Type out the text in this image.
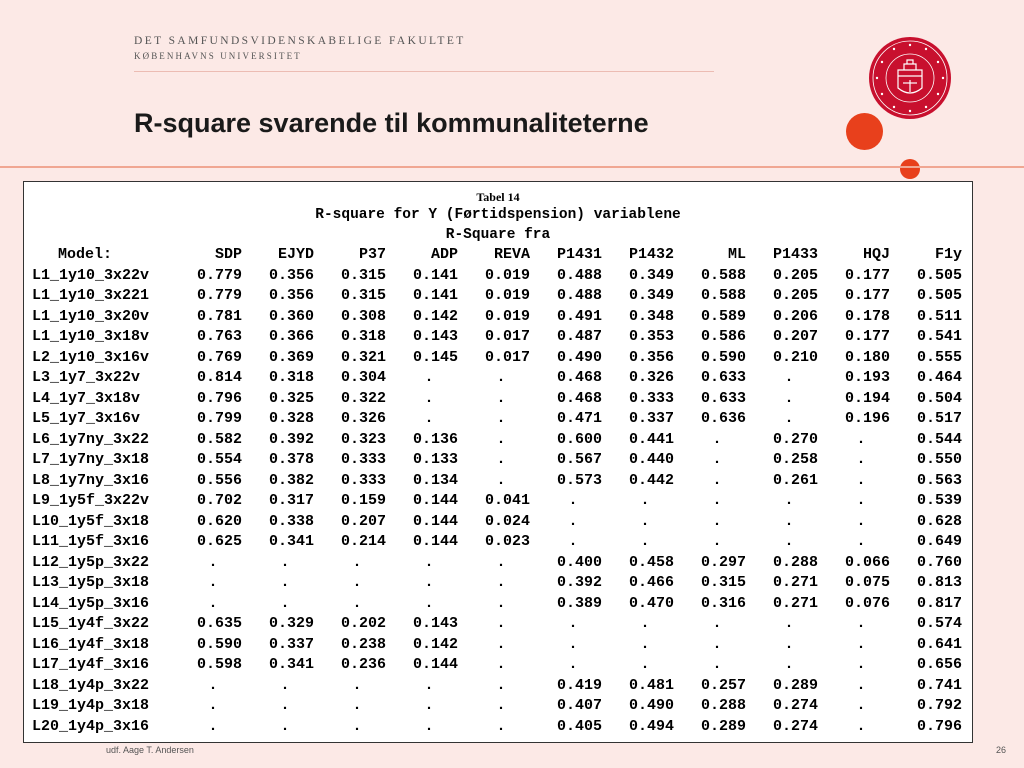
DET SAMFUNDSVIDENSKABELIGE FAKULTET
KØBENHAVNS UNIVERSITET
R-square svarende til kommunaliteterne
Tabel 14
R-square for Y (Førtidspension) variablene
R-Square fra
Model:	SDP	EJYD	P37	ADP	REVA	P1431	P1432	ML	P1433	HQJ	F1y
L1_1y10_3x22v	0.779	0.356	0.315	0.141	0.019	0.488	0.349	0.588	0.205	0.177	0.505
L1_1y10_3x221	0.779	0.356	0.315	0.141	0.019	0.488	0.349	0.588	0.205	0.177	0.505
L1_1y10_3x20v	0.781	0.360	0.308	0.142	0.019	0.491	0.348	0.589	0.206	0.178	0.511
L1_1y10_3x18v	0.763	0.366	0.318	0.143	0.017	0.487	0.353	0.586	0.207	0.177	0.541
L2_1y10_3x16v	0.769	0.369	0.321	0.145	0.017	0.490	0.356	0.590	0.210	0.180	0.555
L3_1y7_3x22v	0.814	0.318	0.304	.	.	0.468	0.326	0.633	.	0.193	0.464
L4_1y7_3x18v	0.796	0.325	0.322	.	.	0.468	0.333	0.633	.	0.194	0.504
L5_1y7_3x16v	0.799	0.328	0.326	.	.	0.471	0.337	0.636	.	0.196	0.517
L6_1y7ny_3x22	0.582	0.392	0.323	0.136	.	0.600	0.441	.	0.270	.	0.544
L7_1y7ny_3x18	0.554	0.378	0.333	0.133	.	0.567	0.440	.	0.258	.	0.550
L8_1y7ny_3x16	0.556	0.382	0.333	0.134	.	0.573	0.442	.	0.261	.	0.563
L9_1y5f_3x22v	0.702	0.317	0.159	0.144	0.041	.	.	.	.	.	0.539
L10_1y5f_3x18	0.620	0.338	0.207	0.144	0.024	.	.	.	.	.	0.628
L11_1y5f_3x16	0.625	0.341	0.214	0.144	0.023	.	.	.	.	.	0.649
L12_1y5p_3x22	.	.	.	.	.	0.400	0.458	0.297	0.288	0.066	0.760
L13_1y5p_3x18	.	.	.	.	.	0.392	0.466	0.315	0.271	0.075	0.813
L14_1y5p_3x16	.	.	.	.	.	0.389	0.470	0.316	0.271	0.076	0.817
L15_1y4f_3x22	0.635	0.329	0.202	0.143	.	.	.	.	.	.	0.574
L16_1y4f_3x18	0.590	0.337	0.238	0.142	.	.	.	.	.	.	0.641
L17_1y4f_3x16	0.598	0.341	0.236	0.144	.	.	.	.	.	.	0.656
L18_1y4p_3x22	.	.	.	.	.	0.419	0.481	0.257	0.289	.	0.741
L19_1y4p_3x18	.	.	.	.	.	0.407	0.490	0.288	0.274	.	0.792
L20_1y4p_3x16	.	.	.	.	.	0.405	0.494	0.289	0.274	.	0.796
udf. Aage T. Andersen	26
